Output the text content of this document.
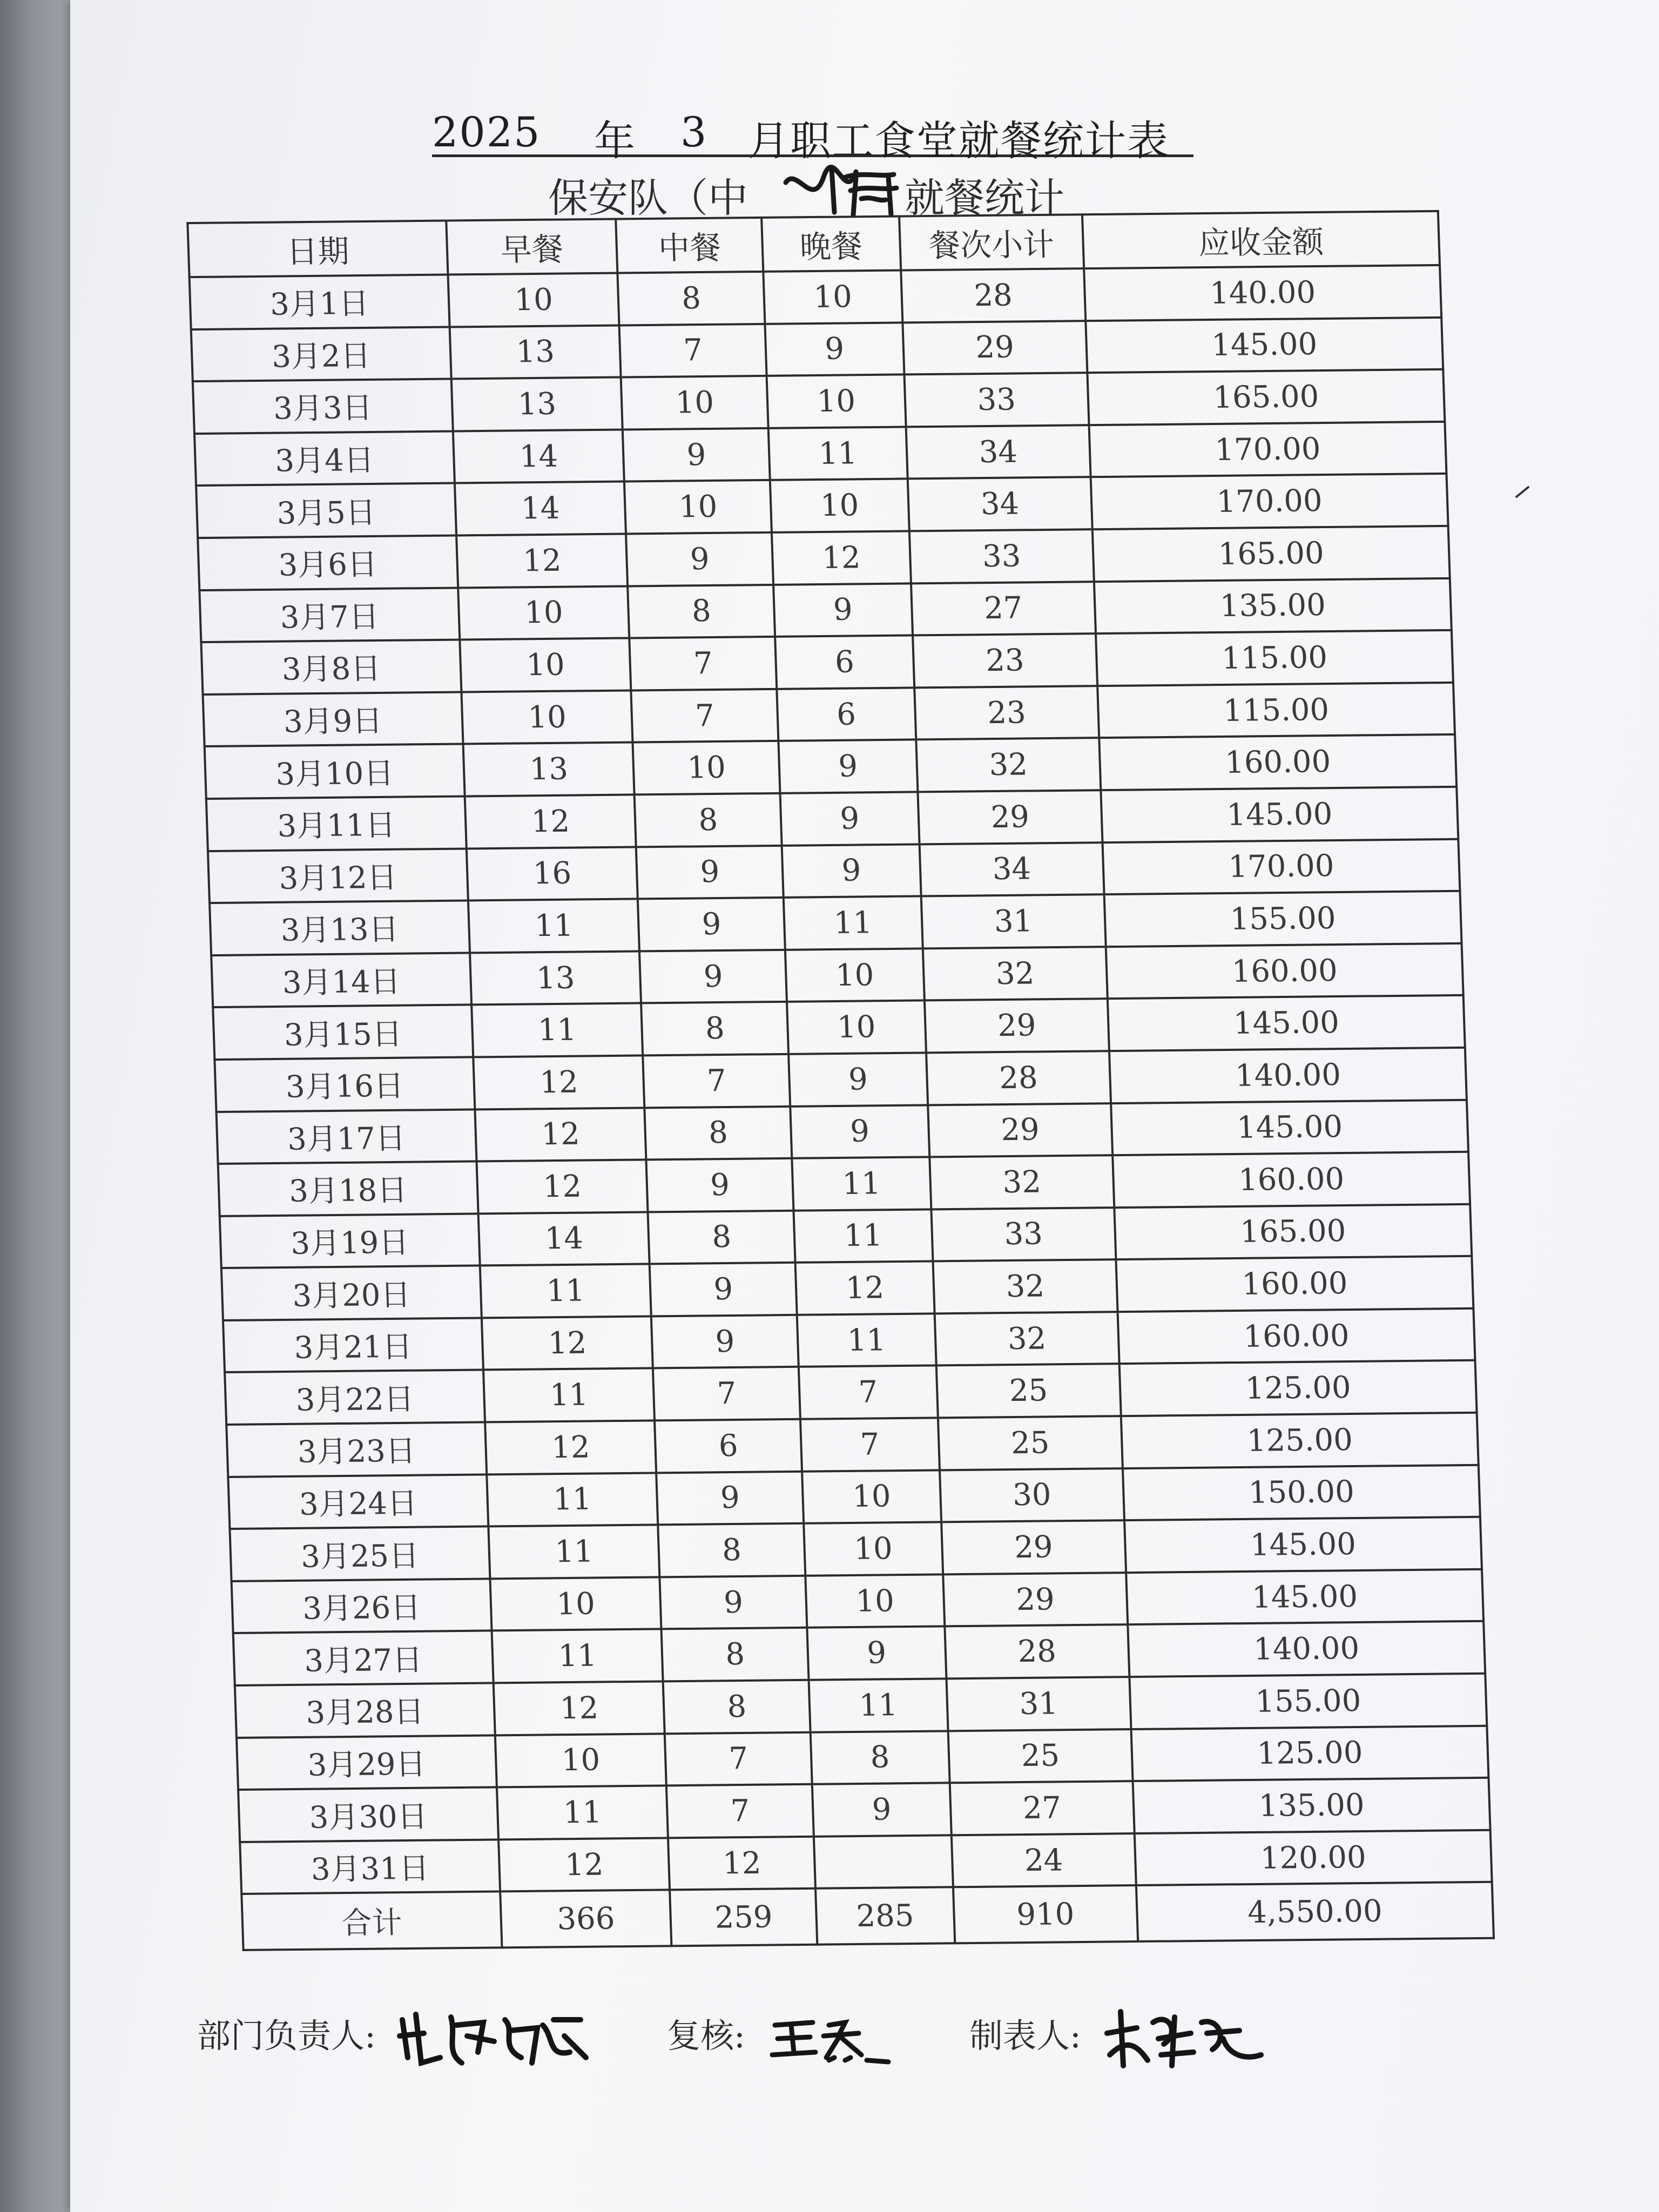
2025 年 3 月职工食堂就餐统计表
保安队（中	就餐统计
日期	早餐	中餐	晚餐	餐次小计	应收金额
3月1日	10	8	10	28	140.00
3月2日	13	7	9	29	145.00
3月3日	13	10	10	33	165.00
3月4日	14	9	11	34	170.00
3月5日	14	10	10	34	170.00
3月6日	12	9	12	33	165.00
3月7日	10	8	9	27	135.00
3月8日	10	7	6	23	115.00
3月9日	10	7	6	23	115.00
3月10日	13	10	9	32	160.00
3月11日	12	8	9	29	145.00
3月12日	16	9	9	34	170.00
3月13日	11	9	11	31	155.00
3月14日	13	9	10	32	160.00
3月15日	11	8	10	29	145.00
3月16日	12	7	9	28	140.00
3月17日	12	8	9	29	145.00
3月18日	12	9	11	32	160.00
3月19日	14	8	11	33	165.00
3月20日	11	9	12	32	160.00
3月21日	12	9	11	32	160.00
3月22日	11	7	7	25	125.00
3月23日	12	6	7	25	125.00
3月24日	11	9	10	30	150.00
3月25日	11	8	10	29	145.00
3月26日	10	9	10	29	145.00
3月27日	11	8	9	28	140.00
3月28日	12	8	11	31	155.00
3月29日	10	7	8	25	125.00
3月30日	11	7	9	27	135.00
3月31日	12	12		24	120.00
合计	366	259	285	910	4,550.00
部门负责人:	复核:	制表人:
